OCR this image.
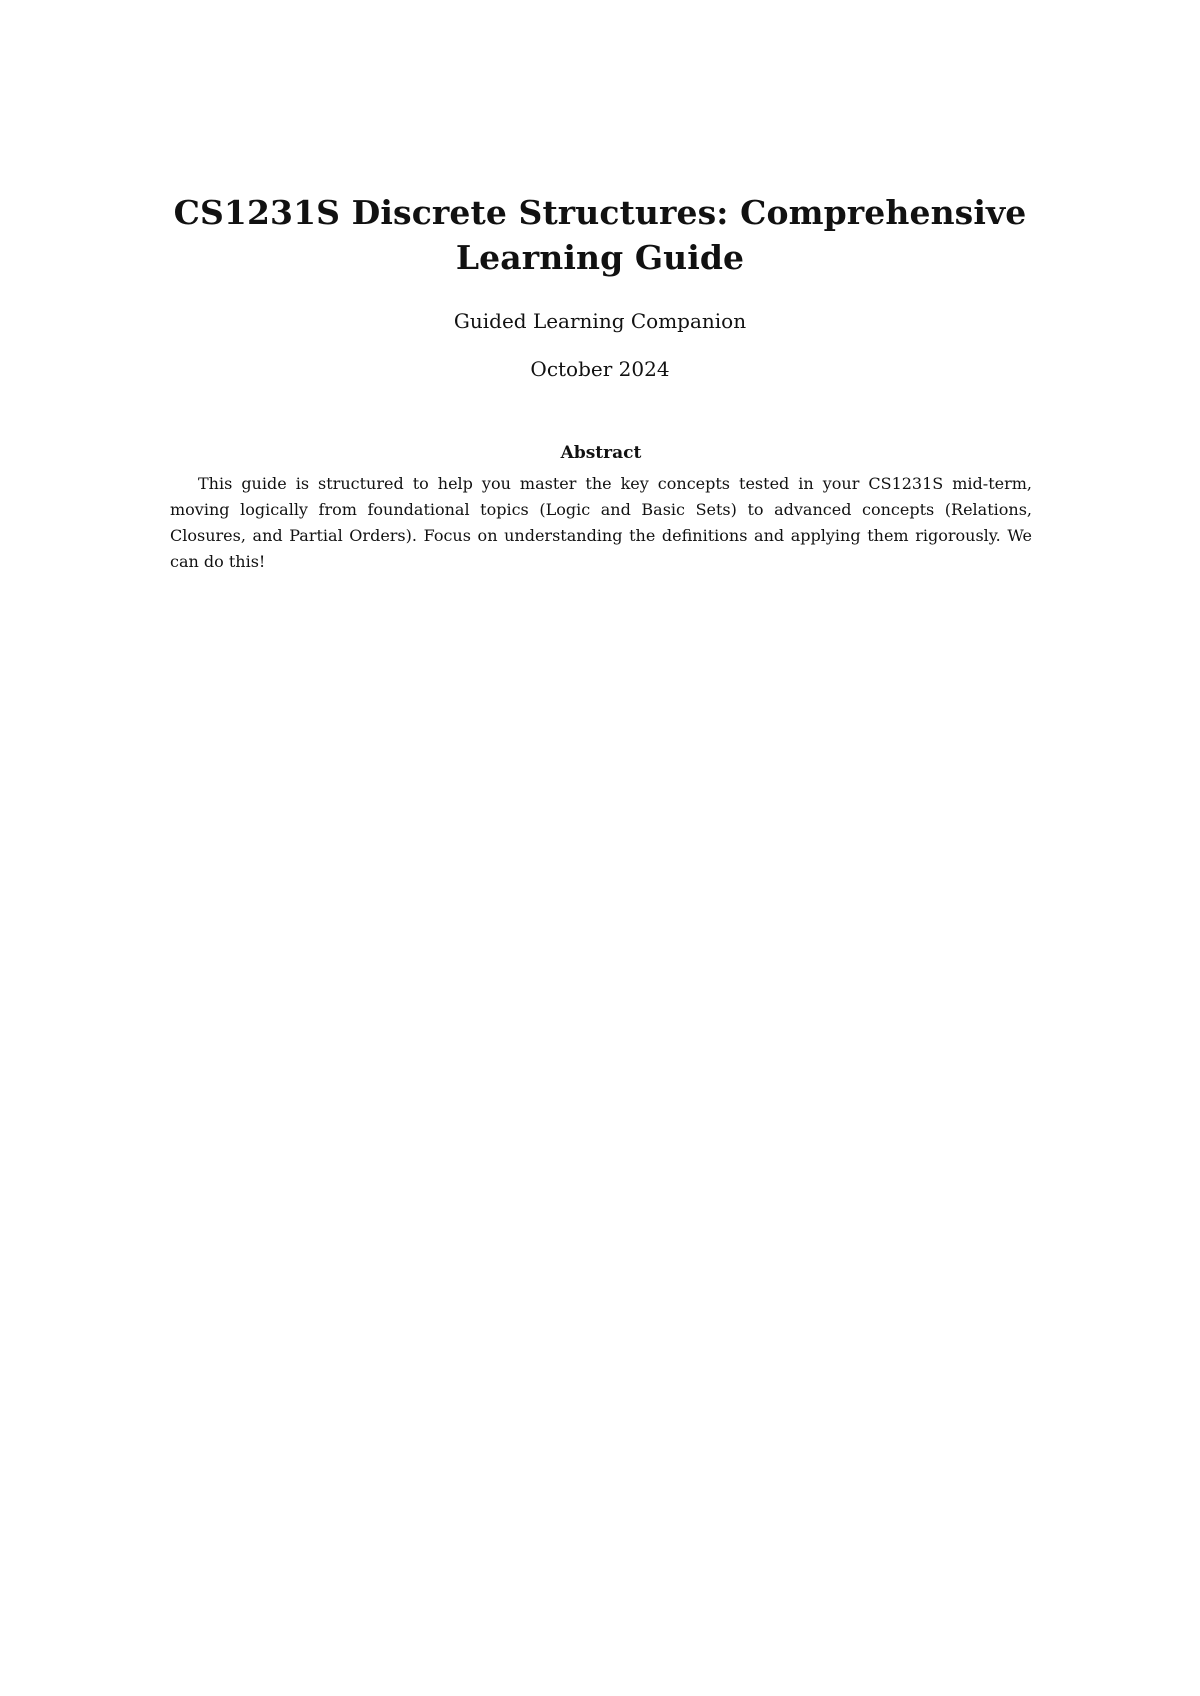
CS1231S Discrete Structures: Comprehensive Learning Guide
Guided Learning Companion
October 2024
Abstract

This guide is structured to help you master the key concepts tested in your CS1231S mid-term, moving logically from foundational topics (Logic and Basic Sets) to advanced concepts (Relations, Closures, and Partial Orders). Focus on understanding the definitions and applying them rigorously. We can do this!
